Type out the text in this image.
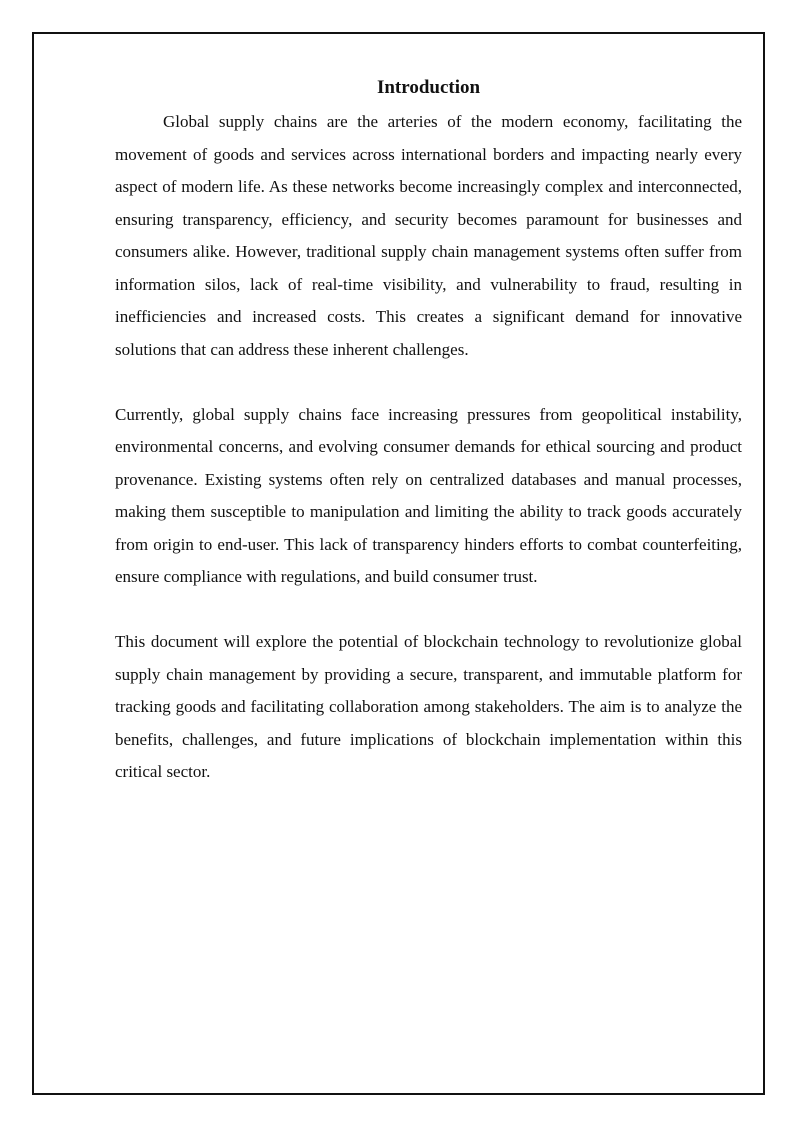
Introduction

Global supply chains are the arteries of the modern economy, facilitating the movement of goods and services across international borders and impacting nearly every aspect of modern life. As these networks become increasingly complex and interconnected, ensuring transparency, efficiency, and security becomes paramount for businesses and consumers alike. However, traditional supply chain management systems often suffer from information silos, lack of real-time visibility, and vulnerability to fraud, resulting in inefficiencies and increased costs. This creates a significant demand for innovative solutions that can address these inherent challenges.

Currently, global supply chains face increasing pressures from geopolitical instability, environmental concerns, and evolving consumer demands for ethical sourcing and product provenance. Existing systems often rely on centralized databases and manual processes, making them susceptible to manipulation and limiting the ability to track goods accurately from origin to end-user. This lack of transparency hinders efforts to combat counterfeiting, ensure compliance with regulations, and build consumer trust.

This document will explore the potential of blockchain technology to revolutionize global supply chain management by providing a secure, transparent, and immutable platform for tracking goods and facilitating collaboration among stakeholders. The aim is to analyze the benefits, challenges, and future implications of blockchain implementation within this critical sector.
